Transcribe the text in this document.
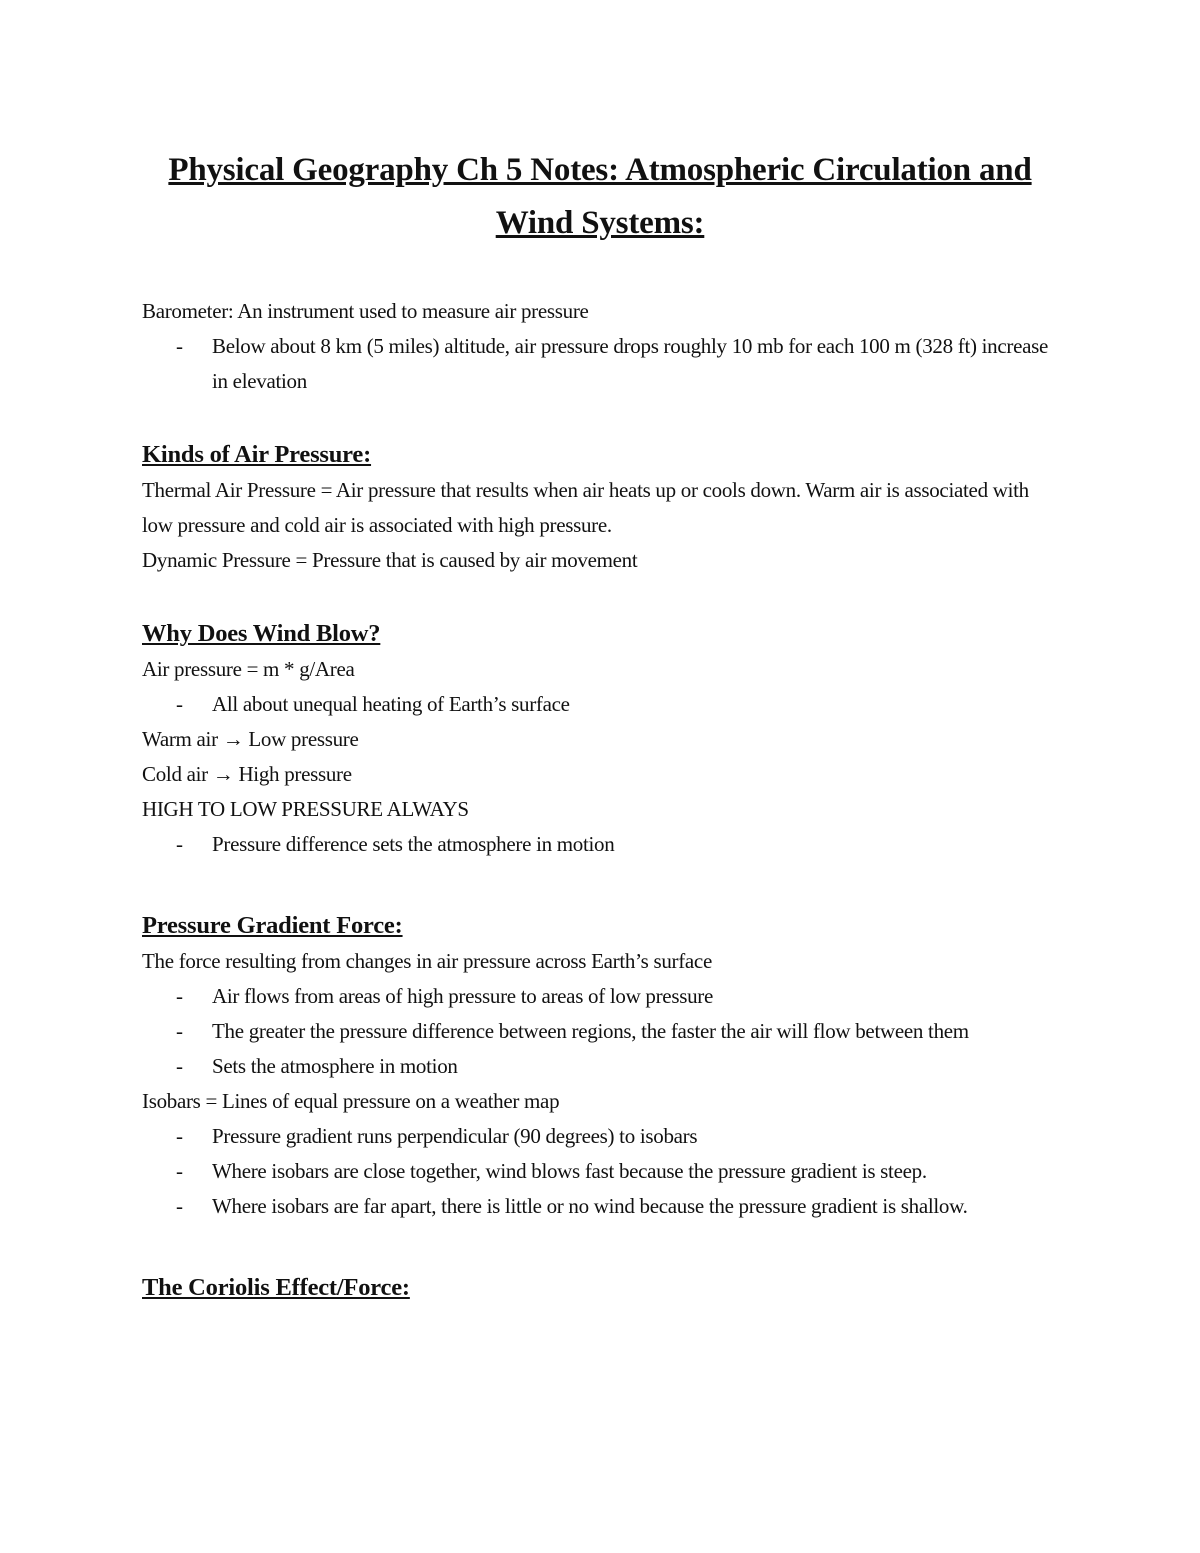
Physical Geography Ch 5 Notes: Atmospheric Circulation and Wind Systems:

Barometer: An instrument used to measure air pressure

-	Below about 8 km (5 miles) altitude, air pressure drops roughly 10 mb for each 100 m (328 ft) increase in elevation
Kinds of Air Pressure:

Thermal Air Pressure = Air pressure that results when air heats up or cools down. Warm air is associated with low pressure and cold air is associated with high pressure.

Dynamic Pressure = Pressure that is caused by air movement

Why Does Wind Blow?

Air pressure = m * g/Area

-	All about unequal heating of Earth’s surface

Warm air → Low pressure

Cold air → High pressure

HIGH TO LOW PRESSURE ALWAYS

-	Pressure difference sets the atmosphere in motion
Pressure Gradient Force:

The force resulting from changes in air pressure across Earth’s surface

-	Air flows from areas of high pressure to areas of low pressure
-	The greater the pressure difference between regions, the faster the air will flow between them
-	Sets the atmosphere in motion

Isobars = Lines of equal pressure on a weather map

-	Pressure gradient runs perpendicular (90 degrees) to isobars
-	Where isobars are close together, wind blows fast because the pressure gradient is steep.
-	Where isobars are far apart, there is little or no wind because the pressure gradient is shallow.
The Coriolis Effect/Force:
